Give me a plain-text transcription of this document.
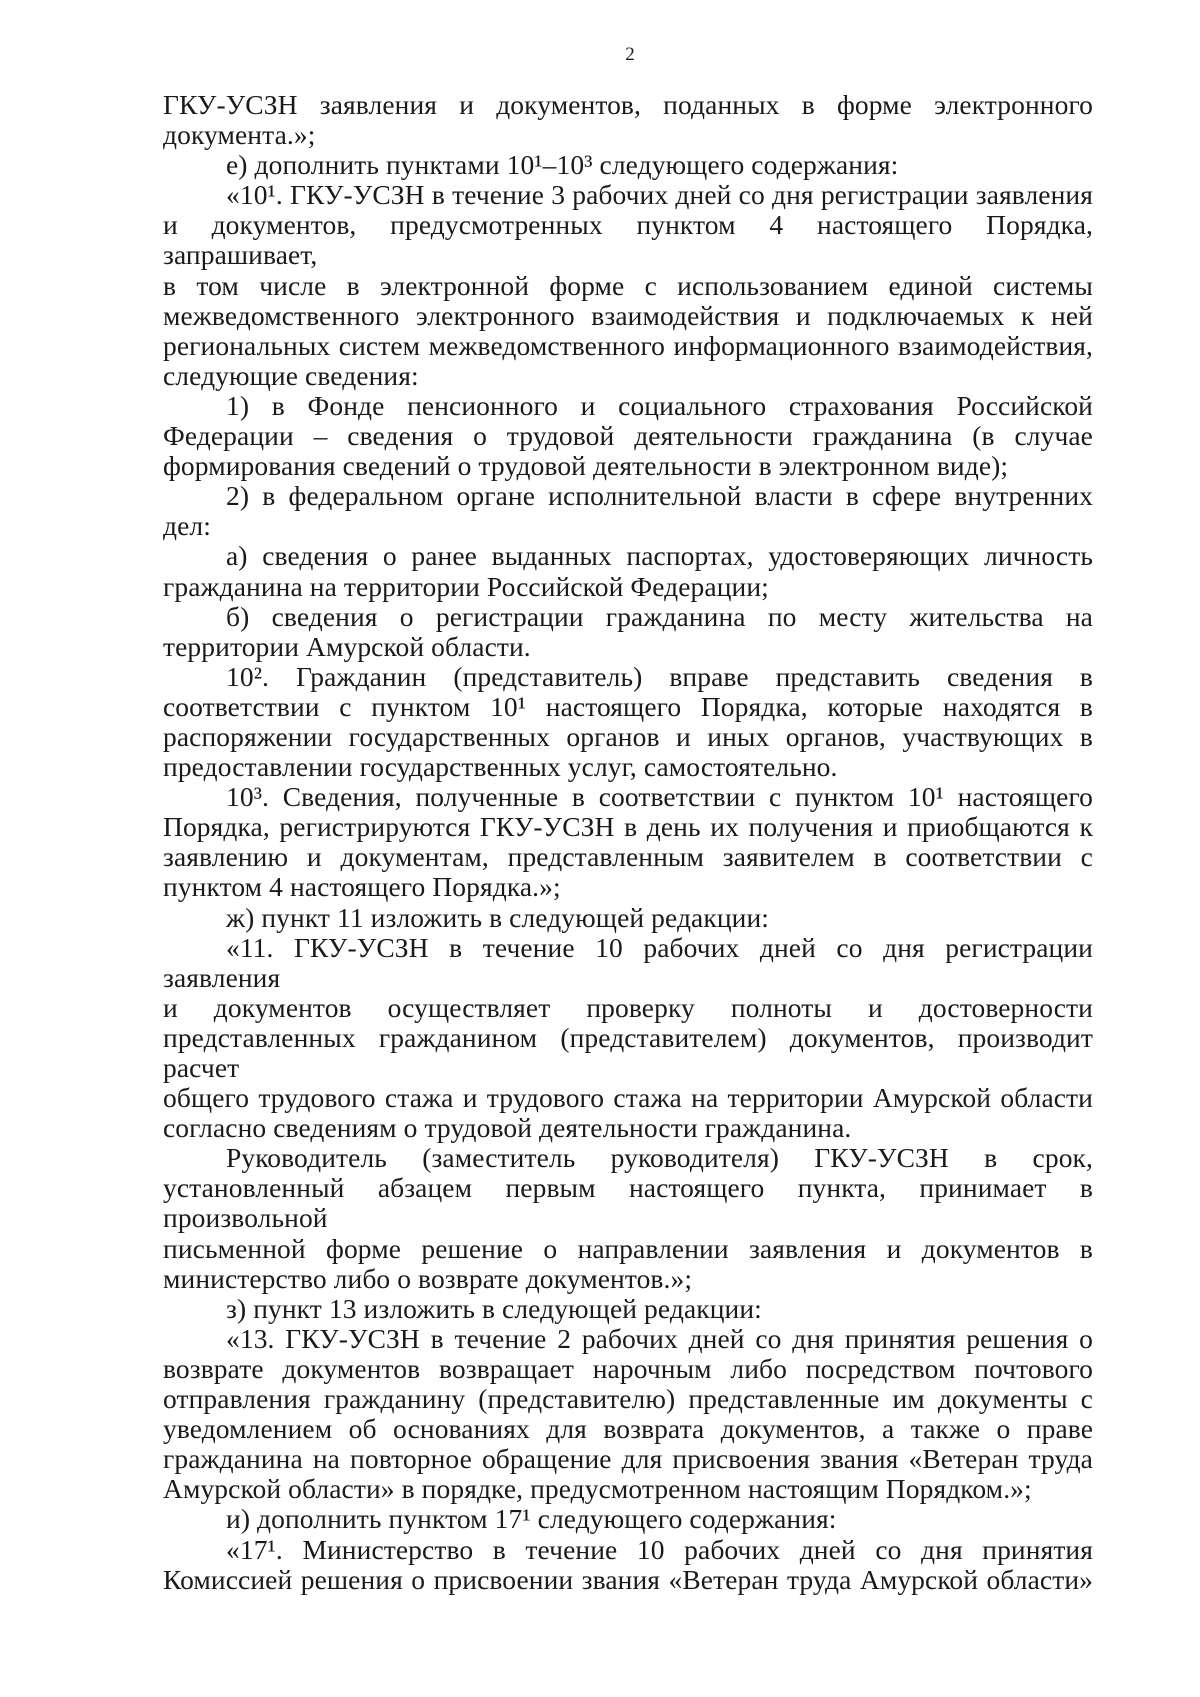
2
ГКУ-УСЗН заявления и документов, поданных в форме электронного
документа.»;
е) дополнить пунктами 10¹–10³ следующего содержания:
«10¹. ГКУ-УСЗН в течение 3 рабочих дней со дня регистрации заявления
и документов, предусмотренных пунктом 4 настоящего Порядка, запрашивает,
в том числе в электронной форме с использованием единой системы
межведомственного электронного взаимодействия и подключаемых к ней
региональных систем межведомственного информационного взаимодействия,
следующие сведения:
1) в Фонде пенсионного и социального страхования Российской
Федерации – сведения о трудовой деятельности гражданина (в случае
формирования сведений о трудовой деятельности в электронном виде);
2) в федеральном органе исполнительной власти в сфере внутренних дел:
а) сведения о ранее выданных паспортах, удостоверяющих личность
гражданина на территории Российской Федерации;
б) сведения о регистрации гражданина по месту жительства на
территории Амурской области.
10². Гражданин (представитель) вправе представить сведения в
соответствии с пунктом 10¹ настоящего Порядка, которые находятся в
распоряжении государственных органов и иных органов, участвующих в
предоставлении государственных услуг, самостоятельно.
10³. Сведения, полученные в соответствии с пунктом 10¹ настоящего
Порядка, регистрируются ГКУ-УСЗН в день их получения и приобщаются к
заявлению и документам, представленным заявителем в соответствии с
пунктом 4 настоящего Порядка.»;
ж) пункт 11 изложить в следующей редакции:
«11. ГКУ-УСЗН в течение 10 рабочих дней со дня регистрации заявления
и документов осуществляет проверку полноты и достоверности
представленных гражданином (представителем) документов, производит расчет
общего трудового стажа и трудового стажа на территории Амурской области
согласно сведениям о трудовой деятельности гражданина.
Руководитель (заместитель руководителя) ГКУ-УСЗН в срок,
установленный абзацем первым настоящего пункта, принимает в произвольной
письменной форме решение о направлении заявления и документов в
министерство либо о возврате документов.»;
з) пункт 13 изложить в следующей редакции:
«13. ГКУ-УСЗН в течение 2 рабочих дней со дня принятия решения о
возврате документов возвращает нарочным либо посредством почтового
отправления гражданину (представителю) представленные им документы с
уведомлением об основаниях для возврата документов, а также о праве
гражданина на повторное обращение для присвоения звания «Ветеран труда
Амурской области» в порядке, предусмотренном настоящим Порядком.»;
и) дополнить пунктом 17¹ следующего содержания:
«17¹. Министерство в течение 10 рабочих дней со дня принятия
Комиссией решения о присвоении звания «Ветеран труда Амурской области»
